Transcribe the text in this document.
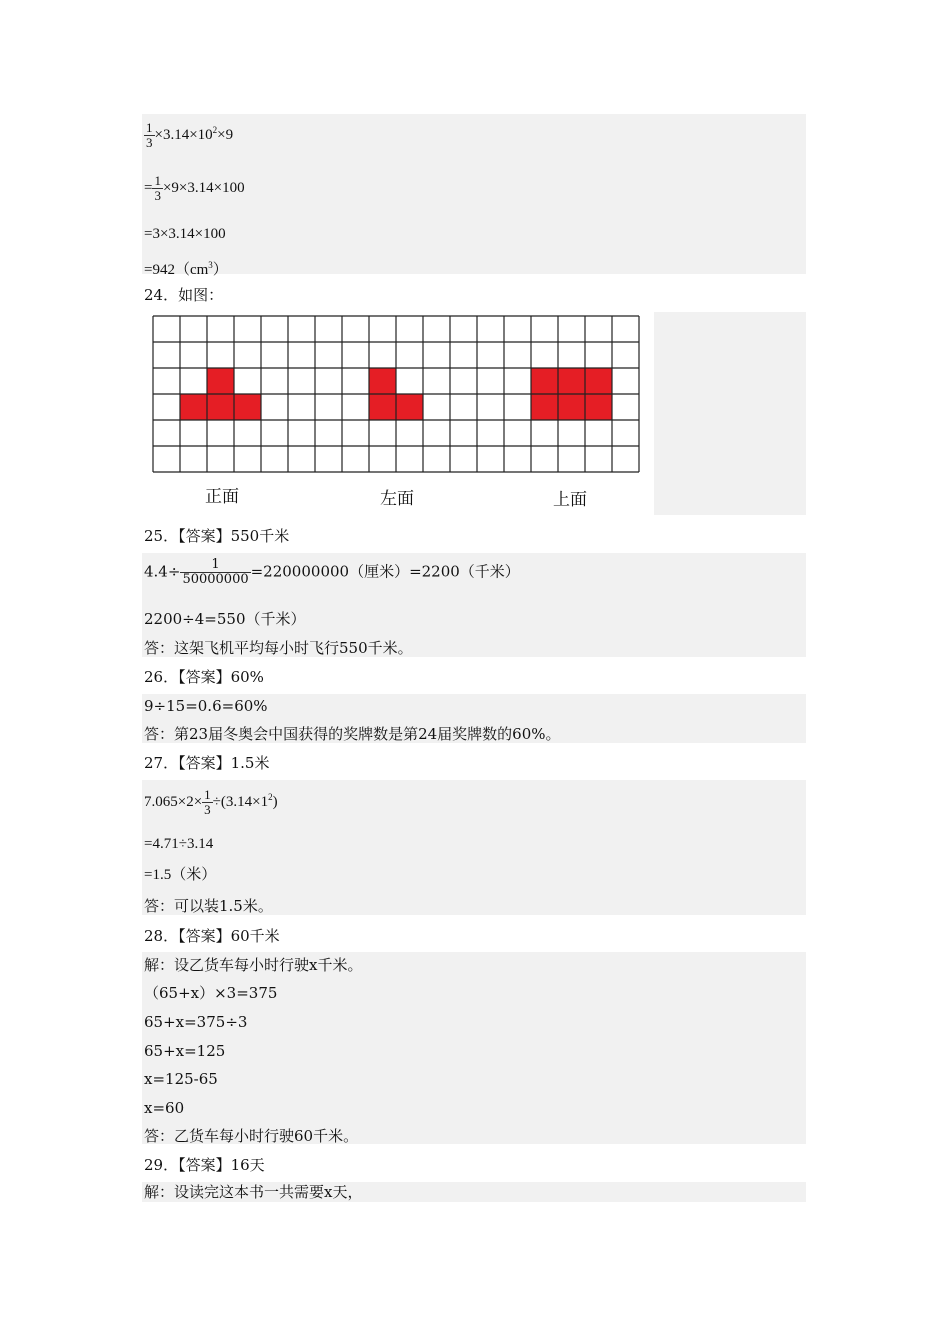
$\frac{1}{3} \times 3.14\times 10^2\times 9$
= $\frac{1}{3} \times 9\times 3.14\times 100$
=3×3.14×100
$=942(cm^3)$
24．如图：
正面	左面	上面
25．【答案】550千米
$4.4\div \frac{1}{50000000} =220000000$（厘米）=2200（千米）
2200÷4=550（千米）
答：这架飞机平均每小时飞行550千米。
26．【答案】60%
9÷15=0.6=60%
答：第23届冬奥会中国获得的奖牌数是第24届奖牌数的60%。
27．【答案】1.5米
$7.065\times 2\times \frac{1}{3} \div(3.14\times 1^2)$
=4.71÷3.14
=1.5（米）
答：可以装1.5米。
28．【答案】60千米
解：设乙货车每小时行驶x千米。
（65+x）×3=375
65+x=375÷3
65+x=125
x=125-65
x=60
答：乙货车每小时行驶60千米。
29．【答案】16天
解：设读完这本书一共需要x天，
